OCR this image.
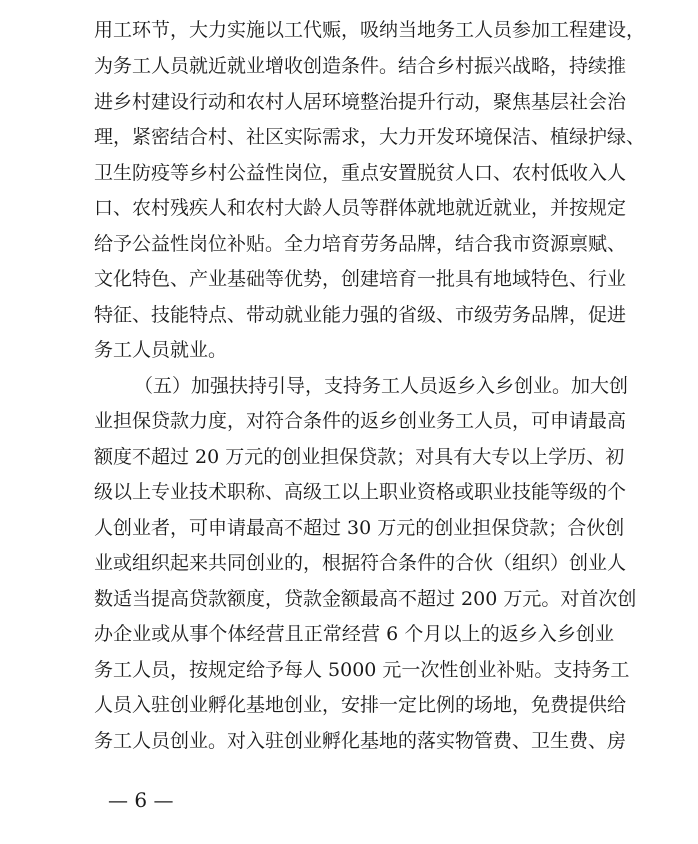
用工环节，大力实施以工代赈，吸纳当地务工人员参加工程建设，
为务工人员就近就业增收创造条件。结合乡村振兴战略，持续推
进乡村建设行动和农村人居环境整治提升行动，聚焦基层社会治
理，紧密结合村、社区实际需求，大力开发环境保洁、植绿护绿、
卫生防疫等乡村公益性岗位，重点安置脱贫人口、农村低收入人
口、农村残疾人和农村大龄人员等群体就地就近就业，并按规定
给予公益性岗位补贴。全力培育劳务品牌，结合我市资源禀赋、
文化特色、产业基础等优势，创建培育一批具有地域特色、行业
特征、技能特点、带动就业能力强的省级、市级劳务品牌，促进
务工人员就业。
（五）加强扶持引导，支持务工人员返乡入乡创业。加大创
业担保贷款力度，对符合条件的返乡创业务工人员，可申请最高
额度不超过 20 万元的创业担保贷款；对具有大专以上学历、初
级以上专业技术职称、高级工以上职业资格或职业技能等级的个
人创业者，可申请最高不超过 30 万元的创业担保贷款；合伙创
业或组织起来共同创业的，根据符合条件的合伙（组织）创业人
数适当提高贷款额度，贷款金额最高不超过 200 万元。对首次创
办企业或从事个体经营且正常经营 6 个月以上的返乡入乡创业
务工人员，按规定给予每人 5000 元一次性创业补贴。支持务工
人员入驻创业孵化基地创业，安排一定比例的场地，免费提供给
务工人员创业。对入驻创业孵化基地的落实物管费、卫生费、房
— 6 —
